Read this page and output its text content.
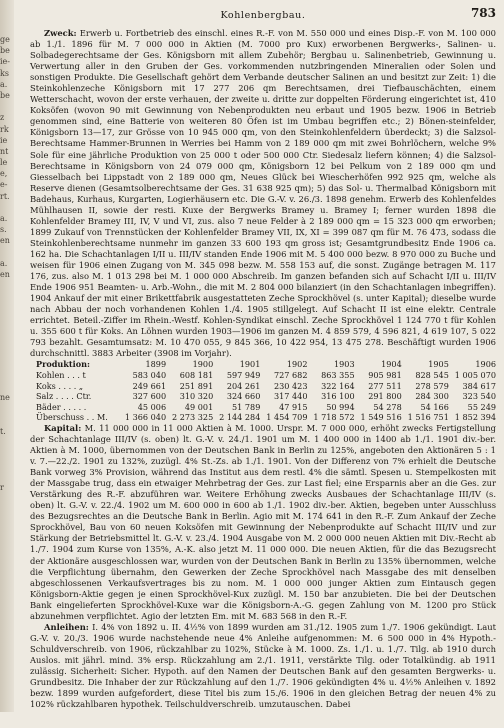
ge
be
ie-
ks
a.
be
z
rk
ie
nt
le
e,
e-
rt.
a.
s.
en
a.
en
ne
t.
r
Kohlenbergbau.	783

Zweck: Erwerb u. Fortbetrieb des einschl. eines R.-F. von M. 550 000 und eines Disp.-F. von M. 100 000 ab 1./1. 1896 für M. 7 000 000 in Aktien (M. 7000 pro Kux) erworbenen Bergwerks-, Salinen- u. Solbadegerechtsame der Ges. Königsborn mit allem Zubehör; Bergbau u. Salinenbetrieb, Gewinnung u. Verwertung aller in den Gruben der Ges. vorkommenden nutzbringenden Mineralien oder Solen und sonstigen Produkte. Die Gesellschaft gehört dem Verbande deutscher Salinen an und besitzt zur Zeit: 1) die Steinkohlenzeche Königsborn mit 17 277 206 qm Berechtsamen, drei Tiefbauschächten, einem Wetterschacht, wovon der erste verhauen, der zweite u. dritte zur doppelten Förderung eingerichtet ist, 410 Koksöfen (wovon 90 mit Gewinnung von Nebenprodukten neu erbaut und 1905 bezw. 1906 in Betrieb genommen sind, eine Batterie von weiteren 80 Öfen ist im Umbau begriffen etc.; 2) Bönen-steinfelder, Königsborn 13—17, zur Grösse von 10 945 000 qm, von den Steinkohlenfeldern überdeckt; 3) die Salzsol-Berechtsame Hammer-Brunnen in Werries bei Hamm von 2 189 000 qm mit zwei Bohrlöchern, welche 9% Sole für eine jährliche Produktion von 25 000 t oder 500 000 Ctr. Siedesalz liefern können; 4) die Salzsol-Berechtsame in Königsborn von 24 079 000 qm, Königsborn 12 bei Pelkum von 2 189 000 qm und Giesselbach bei Lippstadt von 2 189 000 qm, Neues Glück bei Wiescherhöfen 992 925 qm, welche als Reserve dienen (Gesamtsolberechtsame der Ges. 31 638 925 qm); 5) das Sol- u. Thermalbad Königsborn mit Badehaus, Kurhaus, Kurgarten, Logierhäusern etc. Die G.-V. v. 26./3. 1898 genehm. Erwerb des Kohlenfeldes Mühlhausen II, sowie der resti. Kuxe der Bergwerks Bramey u. Bramey I; ferner wurden 1898 die Kohlenfelder Bramey III, IV, V und VI, zus. also 7 neue Felder à 2 189 000 qm = 15 323 000 qm erworben; 1899 Zukauf von Trennstücken der Kohlenfelder Bramey VII, IX, XI = 399 087 qm für M. 76 473, sodass die Steinkohlenberechtsame nunmehr im ganzen 33 600 193 qm gross ist; Gesamtgrundbesitz Ende 1906 ca. 162 ha. Die Schachtanlagen I/II u. III/IV standen Ende 1906 mit M. 5 400 000 bezw. 8 970 000 zu Buche und weisen für 1906 einen Zugang von M. 345 098 bezw. M. 558 153 auf, die sonst. Zugänge betragen M. 117 176, zus. also M. 1 013 298 bei M. 1 000 000 Abschreib. Im ganzen befanden sich auf Schacht I/II u. III/IV Ende 1906 951 Beamten- u. Arb.-Wohn., die mit M. 2 804 000 bilanziert (in den Schachtanlagen inbegriffen). 1904 Ankauf der mit einer Brikettfabrik ausgestatteten Zeche Sprockhövel (s. unter Kapital); dieselbe wurde nach Abbau der noch vorhandenen Kohlen 1./4. 1905 stillgelegt. Auf Schacht II ist eine elektr. Centrale errichtet. Beteil.-Ziffer im Rhein.-Westf. Kohlen-Syndikat einschl. Zeche Sprockhövel 1 124 770 t für Kohlen u. 355 600 t für Koks. An Löhnen wurden 1903—1906 im ganzen M. 4 859 579, 4 596 821, 4 619 107, 5 022 793 bezahlt. Gesamtumsatz: M. 10 470 055, 9 845 366, 10 422 954, 13 475 278. Beschäftigt wurden 1906 durchschnittl. 3883 Arbeiter (3908 im Vorjahr).

Produktion:	1899	1900	1901	1902	1903	1904	1905	1906
Kohlen . . . t	583 040	608 181	597 949	727 682	863 355	905 981	828 545	1 005 070
Koks . . . . „	249 661	251 891	204 261	230 423	322 164	277 511	278 579	384 617
Salz . . . . Ctr.	327 600	310 320	324 660	317 440	316 100	291 800	284 300	323 540
Bäder . . . . .	45 006	49 001	51 789	47 915	50 994	54 278	54 166	55 249
Überschuss . . M.	1 366 040	2 273 325	2 144 284	1 454 709	1 718 572	1 549 516	1 516 751	1 852 394

Kapital: M. 11 000 000 in 11 000 Aktien à M. 1000. Urspr. M. 7 000 000, erhöht zwecks Fertigstellung der Schachtanlage III/IV (s. oben) lt. G.-V. v. 24./1. 1901 um M. 1 400 000 in 1400 ab 1./1. 1901 div.-ber. Aktien à M. 1000, übernommen von der Deutschen Bank in Berlin zu 125%, angeboten den Aktionären 5 : 1 v. 7.—22./2. 1901 zu 132%, zuzügl. 4% St.-Zs. ab 1./1. 1901. Von der Differenz von 7% erhielt die Deutsche Bank vorweg 3% Provision, während das Institut aus dem restl. 4% die sämtl. Spesen u. Stempelkosten mit der Massgabe trug, dass ein etwaiger Mehrbetrag der Ges. zur Last fiel; eine Ersparnis aber an die Ges. zur Verstärkung des R.-F. abzuführen war. Weitere Erhöhung zwecks Ausbaues der Schachtanlage III/IV (s. oben) lt. G.-V. v. 22./4. 1902 um M. 600 000 in 600 ab 1./1. 1902 div.-ber. Aktien, begeben unter Ausschluss des Bezugsrechtes an die Deutsche Bank in Berlin. Agio mit M. 174 641 in den R.-F. Zum Ankauf der Zeche Sprockhövel, Bau von 60 neuen Koksöfen mit Gewinnung der Nebenprodukte auf Schacht III/IV und zur Stärkung der Betriebsmittel lt. G.-V. v. 23./4. 1904 Ausgabe von M. 2 000 000 neuen Aktien mit Div.-Recht ab 1./7. 1904 zum Kurse von 135%, A.-K. also jetzt M. 11 000 000. Die neuen Aktien, für die das Bezugsrecht der Aktionäre ausgeschlossen war, wurden von der Deutschen Bank in Berlin zu 135% übernommen, welche die Verpflichtung übernahm, den Gewerken der Zeche Sprockhövel nach Massgabe des mit denselben abgeschlossenen Verkaufsvertrages bis zu nom. M. 1 000 000 junger Aktien zum Eintausch gegen Königsborn-Aktie gegen je einen Sprockhövel-Kux zuzügl. M. 150 bar anzubieten. Die bei der Deutschen Bank eingelieferten Sprockhövel-Kuxe war die Königsborn-A.-G. gegen Zahlung von M. 1200 pro Stück abzunehmen verpflichtet. Agio der letzten Em. mit M. 683 568 in den R.-F.

Anleihen: I. 4% von 1892 u. II. 4½% von 1899 wurden am 31./12. 1905 zum 1./7. 1906 gekündigt. Laut G.-V. v. 20./3. 1906 wurde nachstehende neue 4% Anleihe aufgenommen: M. 6 500 000 in 4% Hypoth.-Schuldverschreib. von 1906, rückzahlbar zu 102%, Stücke à M. 1000. Zs. 1./1. u. 1./7. Tilg. ab 1910 durch Auslos. mit jährl. mind. 3% ersp. Rückzahlung am 2./1. 1911, verstärkte Tilg. oder Totalkündig. ab 1911 zulässig. Sicherheit: Sicher. Hypoth. auf den Namen der Deutschen Bank auf den gesamten Bergwerks- u. Grundbesitz. Die Inhaber der zur Rückzahlung auf den 1./7. 1906 gekündigten 4% u. 4½% Anleihen v. 1892 bezw. 1899 wurden aufgefordert, diese Titel bis zum 15./6. 1906 in den gleichen Betrag der neuen 4% zu 102% rückzahlbaren hypothek. Teilschuldverschreib. umzutauschen. Dabei
